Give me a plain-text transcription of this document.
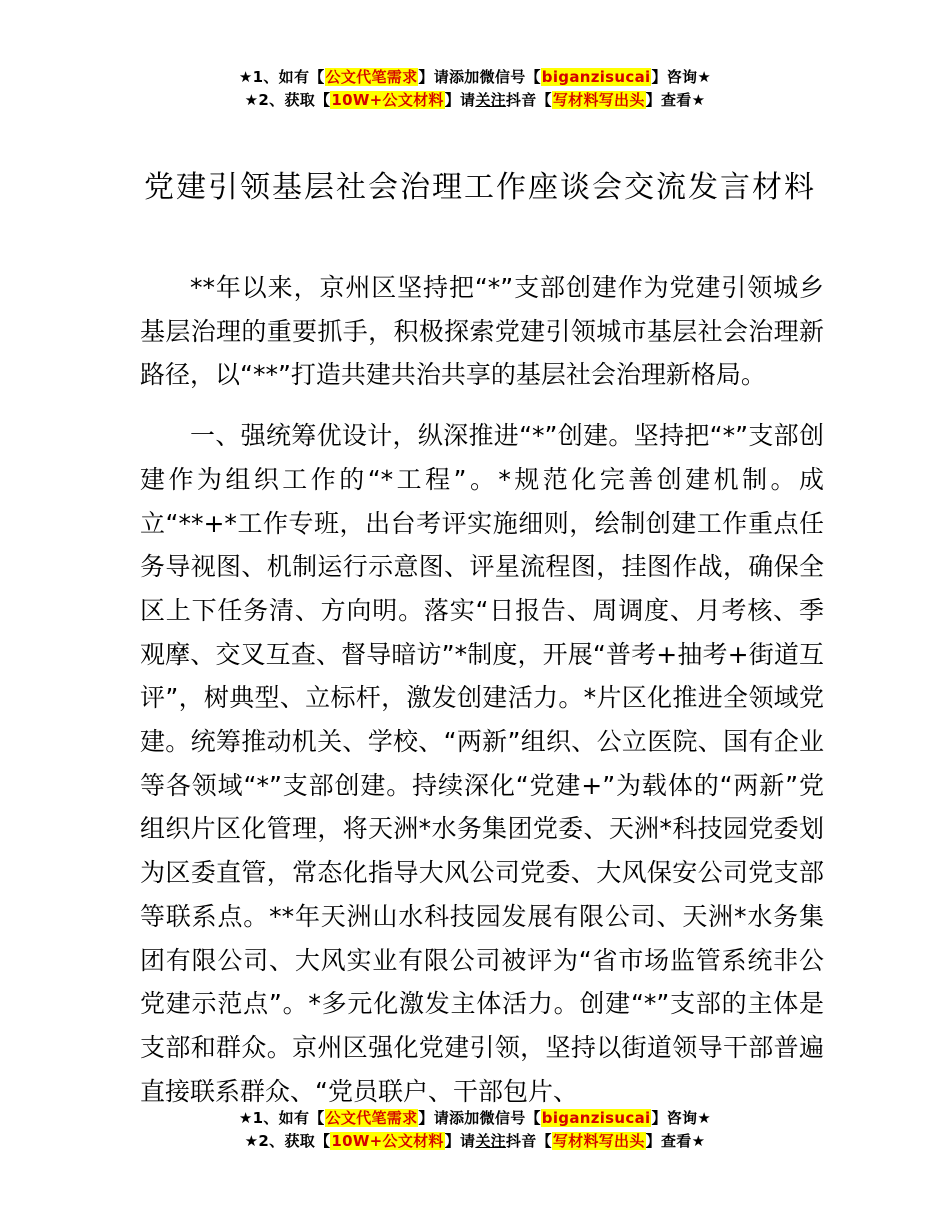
★1、如有【公文代笔需求】请添加微信号【biganzisucai】咨询★
★2、获取【10W+公文材料】请关注抖音【写材料写出头】查看★
党建引领基层社会治理工作座谈会交流发言材料

**年以来，京州区坚持把“*”支部创建作为党建引领城乡基层治理的重要抓手，积极探索党建引领城市基层社会治理新路径，以“**”打造共建共治共享的基层社会治理新格局。

一、强统筹优设计，纵深推进“*”创建。坚持把“*”支部创建作为组织工作的“*工程”。*规范化完善创建机制。成立“**+*工作专班，出台考评实施细则，绘制创建工作重点任务导视图、机制运行示意图、评星流程图，挂图作战，确保全区上下任务清、方向明。落实“日报告、周调度、月考核、季观摩、交叉互查、督导暗访”*制度，开展“普考+抽考+街道互评”，树典型、立标杆，激发创建活力。*片区化推进全领域党建。统筹推动机关、学校、“两新”组织、公立医院、国有企业等各领域“*”支部创建。持续深化“党建+”为载体的“两新”党组织片区化管理，将天洲*水务集团党委、天洲*科技园党委划为区委直管，常态化指导大风公司党委、大风保安公司党支部等联系点。**年天洲山水科技园发展有限公司、天洲*水务集团有限公司、大风实业有限公司被评为“省市场监管系统非公党建示范点”。*多元化激发主体活力。创建“*”支部的主体是支部和群众。京州区强化党建引领，坚持以街道领导干部普遍直接联系群众、“党员联户、干部包片、

★1、如有【公文代笔需求】请添加微信号【biganzisucai】咨询★
★2、获取【10W+公文材料】请关注抖音【写材料写出头】查看★
